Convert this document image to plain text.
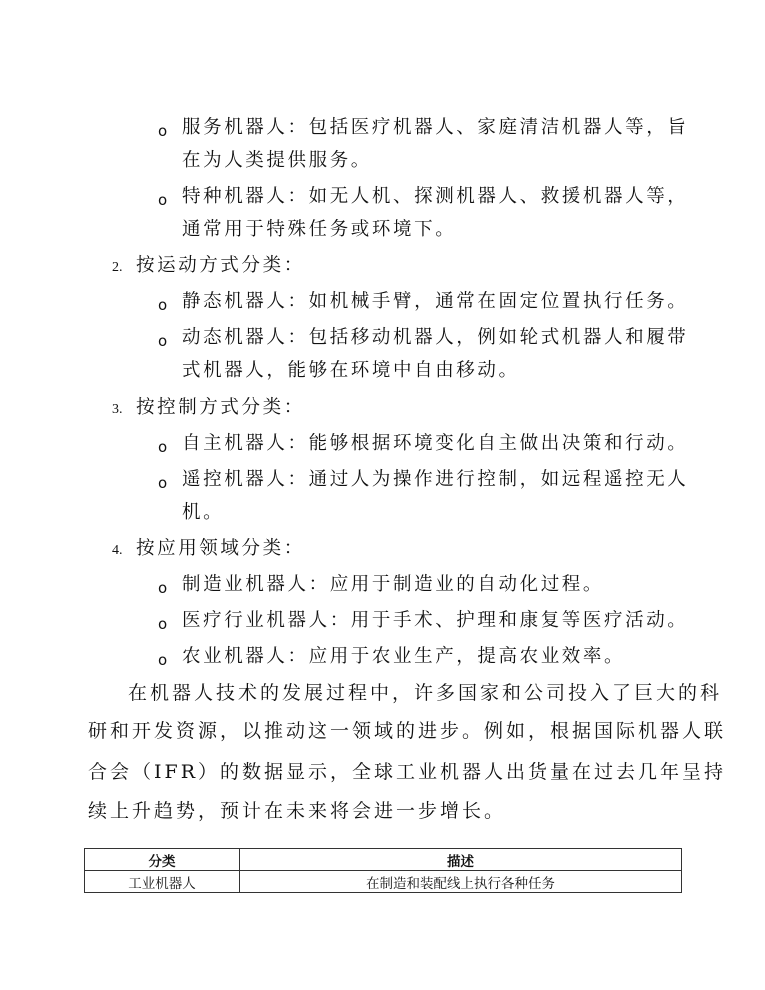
o 服务机器人：包括医疗机器人、家庭清洁机器人等，旨
在为人类提供服务。
o 特种机器人：如无人机、探测机器人、救援机器人等，
通常用于特殊任务或环境下。
2. 按运动方式分类：
o 静态机器人：如机械手臂，通常在固定位置执行任务。
o 动态机器人：包括移动机器人，例如轮式机器人和履带
式机器人，能够在环境中自由移动。
3. 按控制方式分类：
o 自主机器人：能够根据环境变化自主做出决策和行动。
o 遥控机器人：通过人为操作进行控制，如远程遥控无人
机。
4. 按应用领域分类：
o 制造业机器人：应用于制造业的自动化过程。
o 医疗行业机器人：用于手术、护理和康复等医疗活动。
o 农业机器人：应用于农业生产，提高农业效率。
在机器人技术的发展过程中，许多国家和公司投入了巨大的科
研和开发资源，以推动这一领域的进步。例如，根据国际机器人联
合会（IFR）的数据显示，全球工业机器人出货量在过去几年呈持
续上升趋势，预计在未来将会进一步增长。
分类	描述
工业机器人	在制造和装配线上执行各种任务
